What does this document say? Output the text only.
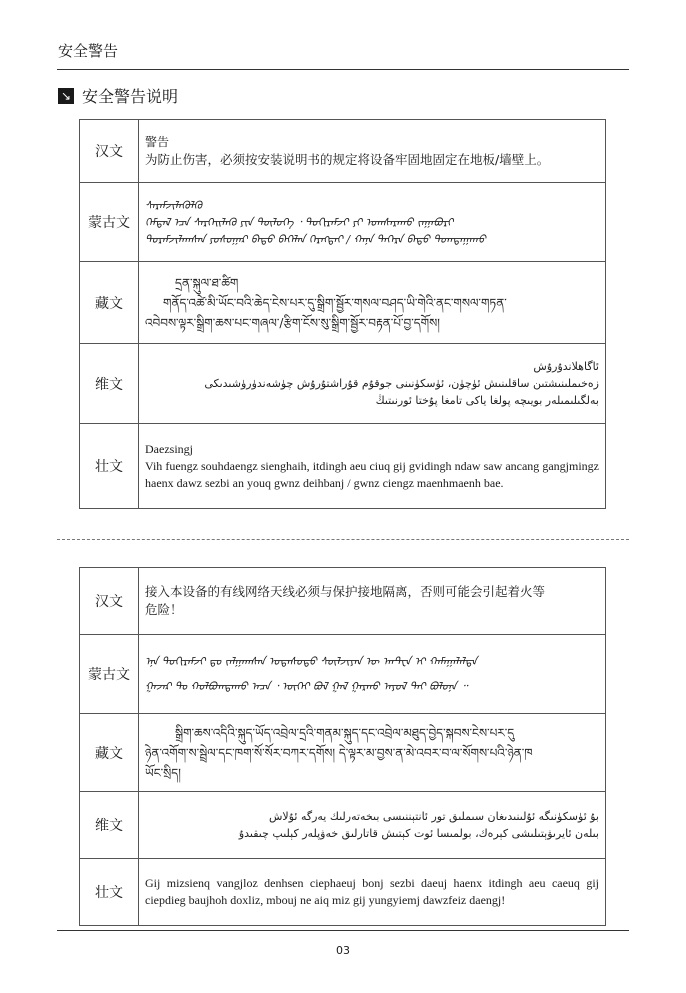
安全警告
↘ 安全警告说明
汉文	警告
为防止伤害，必须按安装说明书的规定将设备牢固地固定在地板/墙壁上。

蒙古文	ᠰᠡᠷᠡᠮᠵᠢᠯᠡᠭᠦᠯᠬᠦ
ᠭᠡᠮᠲᠡᠯ ᠡᠴᠡ ᠰᠡᠷᠭᠡᠢᠯᠡᠬᠦ ᠶᠢᠨ ᠲᠦᠯᠦᠭᠡ ᠂ ᠲᠣᠬᠢᠷᠠᠮᠵᠢ ᠶᠢ ᠤᠭᠰᠠᠷᠠᠬᠤ ᠵᠠᠭᠠᠪᠤᠷᠢ
ᠳᠤᠷᠠᠮᠵᠢᠯᠠᠭᠰᠠᠨ ᠶᠣᠰᠣᠭᠠᠷ ᠪᠠᠲᠤ ᠪᠡᠬᠡᠯᠡᠨ ᠬᠡᠷᠡᠭᠲᠡᠢ / ᠬᠠᠨᠠ ᠳᠡᠭᠡᠷᠡ ᠪᠠᠲᠤ ᠲᠣᠭᠲᠠᠭᠠᠬᠤ

藏文	དྲན་སྐུལ་ཐ་ཚིག
གནོད་འཚེ་མི་ཡོང་བའི་ཆེད་ངེས་པར་དུ་སྒྲིག་སྦྱོར་གསལ་བཤད་ཡི་གེའི་ནང་གསལ་གཏན་
འབེབས་ལྟར་སྒྲིག་ཆས་པང་གཞལ་/རྩིག་ངོས་སུ་སྒྲིག་སྦྱོར་བརྟན་པོ་བྱ་དགོས།

维文	ئاگاھلاندۇرۇش
زەخىملىنىشتىن ساقلىنىش ئۈچۈن، ئۈسكۈنىنى جوقۇم قۇراشتۇرۇش چۈشەندۈرۈشىدىكى
بەلگىلىمىلەر بويىچە پولغا ياكى تامغا پۇختا ئورنىتىڭ

壮文	Daezsingj
Vih fuengz souhdaengz sienghaih, itdingh aeu ciuq gij gvidingh ndaw saw ancang gangjmingz haenx dawz sezbi an youq gwnz deihbanj / gwnz ciengz maenhmaenh bae.
汉文	接入本设备的有线网络天线必须与保护接地隔离，否则可能会引起着火等
危险！

蒙古文	ᠡᠨᠡ ᠲᠣᠬᠢᠷᠠᠮᠵᠢ ᠳᠤ ᠵᠠᠯᠭᠠᠭᠰᠠᠨ ᠤᠲᠠᠰᠤᠲᠤ ᠰᠦᠯᠵᠢᠶᠡᠨ ᠦ ᠠᠨᠲ᠋ᠧᠨ ᠢ ᠬᠠᠮᠠᠭᠠᠯᠠᠯᠲᠠ
ᠭᠠᠵᠠᠷ ᠲᠤ ᠬᠣᠯᠪᠣᠭᠳᠠᠬᠤ ᠠᠴᠠ ᠂ ᠦᠭᠡᠢ ᠪᠣᠯ ᠭᠠᠯ ᠭᠠᠷᠬᠤ ᠠᠶᠤᠯ ᠲᠠᠢ ᠪᠣᠯᠤᠨᠠ ᠃

藏文	སྒྲིག་ཆས་འདིའི་སྐུད་ཡོད་འབྲེལ་དྲའི་གནམ་སྐུད་དང་འབྲེལ་མཐུད་བྱེད་སྐབས་ངེས་པར་དུ
ཉེན་འགོག་ས་སྦྲེལ་དང་ཁག་སོ་སོར་བཀར་དགོས། དེ་ལྟར་མ་བྱས་ན་མེ་འབར་བ་ལ་སོགས་པའི་ཉེན་ཁ
ཡོང་སྲིད།

维文	بۇ ئۈسكۈنىگە ئۇلىنىدىغان سىملىق تور ئانتېننىسى بىخەتەرلىك يەرگە ئۇلاش
بىلەن ئايرىۋېتىلىشى كېرەك، بولمىسا ئوت كېتىش قاتارلىق خەۋپلەر كېلىپ چىقىدۇ

壮文	Gij mizsienq vangjloz denhsen ciephaeuj bonj sezbi daeuj haenx itdingh aeu caeuq gij ciepdieg baujhoh doxliz, mbouj ne aiq miz gij yungyiemj dawzfeiz daengj!
03
